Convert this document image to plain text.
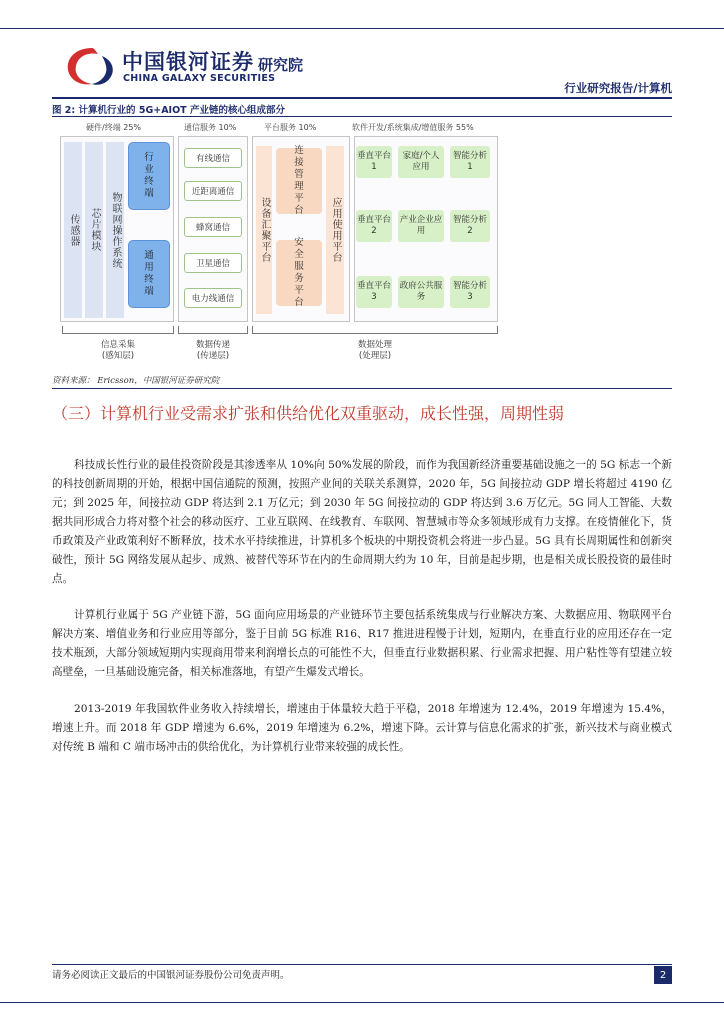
中国银河证券
CHINA GALAXY SECURITIES
研究院
行业研究报告/计算机
图 2: 计算机行业的 5G+AIOT 产业链的核心组成部分
硬件/终端 25%	通信服务 10%	平台服务 10%	软件开发/系统集成/增值服务 55%
传感器	芯片模块	物联网操作系统
行业终端
通用终端
有线通信
近距离通信
蜂窝通信
卫星通信
电力线通信
设备汇聚平台
连接管理平台
安全服务平台
应用使用平台
垂直平台1
家庭/个人应用
智能分析1
垂直平台2
产业企业应用
智能分析2
垂直平台3
政府公共服务
智能分析3
信息采集
(感知层)
数据传递
(传递层)
数据处理
(处理层)
资料来源： Ericsson，中国银河证券研究院
（三）计算机行业受需求扩张和供给优化双重驱动，成长性强，周期性弱

科技成长性行业的最佳投资阶段是其渗透率从 10%向 50%发展的阶段，而作为我国新经济重要基础设施之一的 5G 标志一个新的科技创新周期的开始，根据中国信通院的预测，按照产业间的关联关系测算，2020 年，5G 间接拉动 GDP 增长将超过 4190 亿元；到 2025 年，间接拉动 GDP 将达到 2.1 万亿元；到 2030 年 5G 间接拉动的 GDP 将达到 3.6 万亿元。5G 同人工智能、大数据共同形成合力将对整个社会的移动医疗、工业互联网、在线教育、车联网、智慧城市等众多领域形成有力支撑。在疫情催化下，货币政策及产业政策利好不断释放，技术水平持续推进，计算机多个板块的中期投资机会将进一步凸显。5G 具有长周期属性和创新突破性，预计 5G 网络发展从起步、成熟、被替代等环节在内的生命周期大约为 10 年，目前是起步期，也是相关成长股投资的最佳时点。

计算机行业属于 5G 产业链下游，5G 面向应用场景的产业链环节主要包括系统集成与行业解决方案、大数据应用、物联网平台解决方案、增值业务和行业应用等部分，鉴于目前 5G 标准 R16、R17 推进进程慢于计划，短期内，在垂直行业的应用还存在一定技术瓶颈，大部分领域短期内实现商用带来利润增长点的可能性不大，但垂直行业数据积累、行业需求把握、用户粘性等有望建立较高壁垒，一旦基础设施完备，相关标准落地，有望产生爆发式增长。

2013-2019 年我国软件业务收入持续增长，增速由于体量较大趋于平稳，2018 年增速为 12.4%，2019 年增速为 15.4%，增速上升。而 2018 年 GDP 增速为 6.6%，2019 年增速为 6.2%，增速下降。云计算与信息化需求的扩张，新兴技术与商业模式对传统 B 端和 C 端市场冲击的供给优化，为计算机行业带来较强的成长性。

请务必阅读正文最后的中国银河证券股份公司免责声明。	2
